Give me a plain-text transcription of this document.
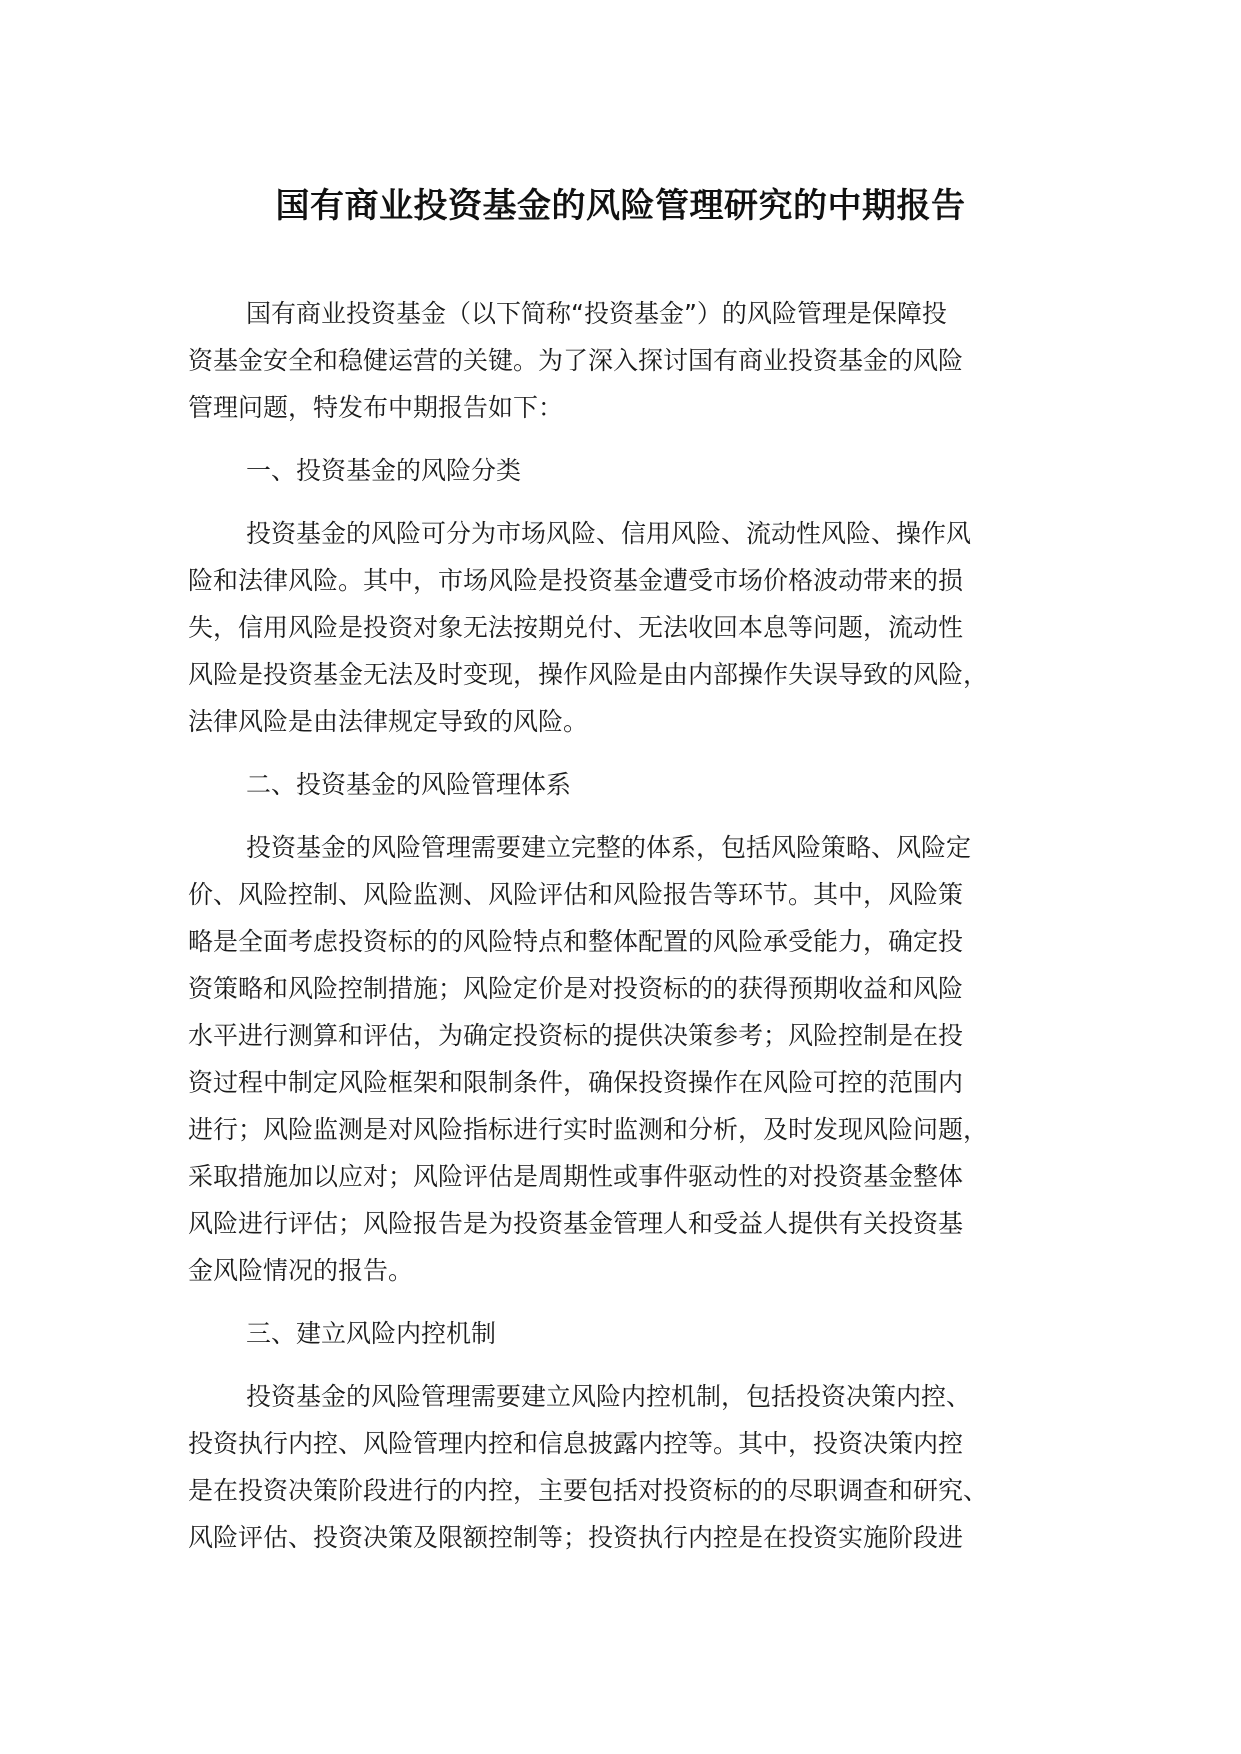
国有商业投资基金的风险管理研究的中期报告
国有商业投资基金（以下简称“投资基金”）的风险管理是保障投
资基金安全和稳健运营的关键。为了深入探讨国有商业投资基金的风险
管理问题，特发布中期报告如下：
一、投资基金的风险分类
投资基金的风险可分为市场风险、信用风险、流动性风险、操作风
险和法律风险。其中，市场风险是投资基金遭受市场价格波动带来的损
失，信用风险是投资对象无法按期兑付、无法收回本息等问题，流动性
风险是投资基金无法及时变现，操作风险是由内部操作失误导致的风险，
法律风险是由法律规定导致的风险。
二、投资基金的风险管理体系
投资基金的风险管理需要建立完整的体系，包括风险策略、风险定
价、风险控制、风险监测、风险评估和风险报告等环节。其中，风险策
略是全面考虑投资标的的风险特点和整体配置的风险承受能力，确定投
资策略和风险控制措施；风险定价是对投资标的的获得预期收益和风险
水平进行测算和评估，为确定投资标的提供决策参考；风险控制是在投
资过程中制定风险框架和限制条件，确保投资操作在风险可控的范围内
进行；风险监测是对风险指标进行实时监测和分析，及时发现风险问题，
采取措施加以应对；风险评估是周期性或事件驱动性的对投资基金整体
风险进行评估；风险报告是为投资基金管理人和受益人提供有关投资基
金风险情况的报告。
三、建立风险内控机制
投资基金的风险管理需要建立风险内控机制，包括投资决策内控、
投资执行内控、风险管理内控和信息披露内控等。其中，投资决策内控
是在投资决策阶段进行的内控，主要包括对投资标的的尽职调查和研究、
风险评估、投资决策及限额控制等；投资执行内控是在投资实施阶段进
